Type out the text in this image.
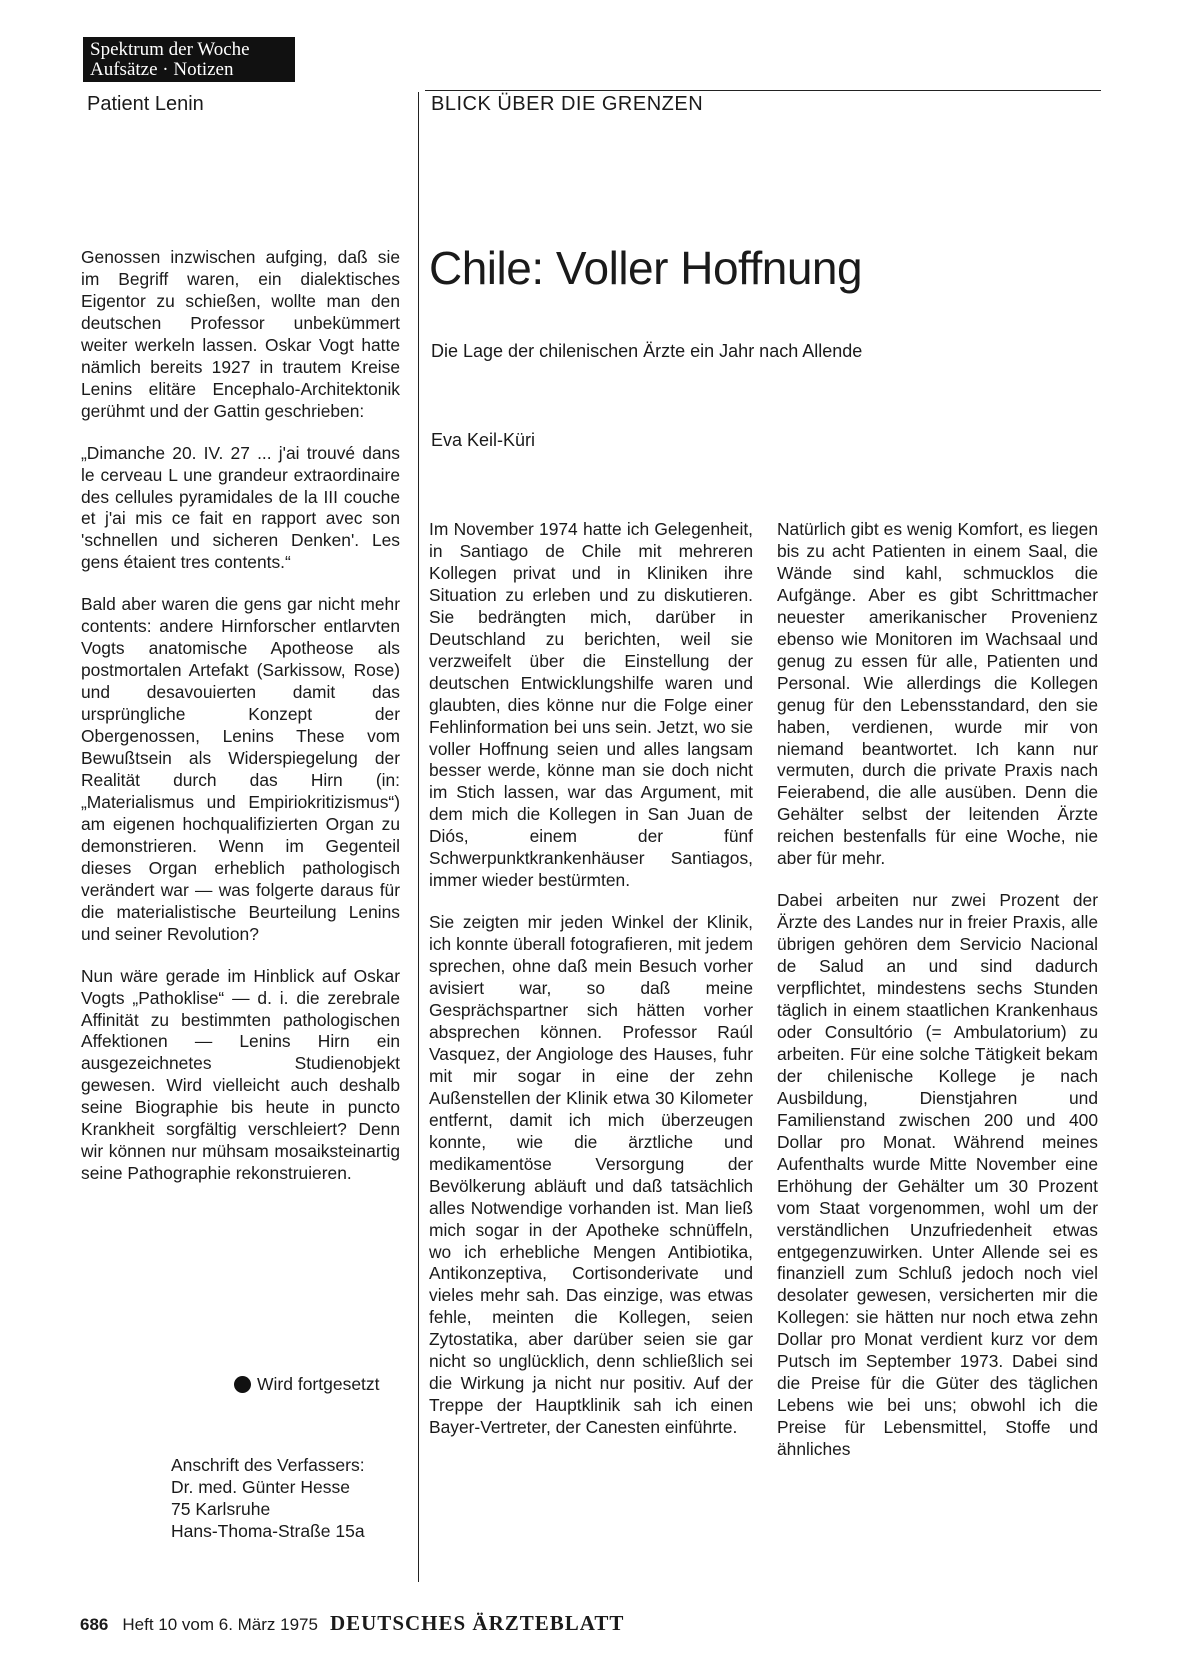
Spektrum der Woche
Aufsätze · Notizen
Patient Lenin	BLICK ÜBER DIE GRENZEN
Chile: Voller Hoffnung
Die Lage der chilenischen Ärzte ein Jahr nach Allende
Eva Keil-Küri

Genossen inzwischen aufging, daß sie im Begriff waren, ein dialektisches Eigentor zu schießen, wollte man den deutschen Professor unbekümmert weiter werkeln lassen. Oskar Vogt hatte nämlich bereits 1927 in trautem Kreise Lenins elitäre Encephalo-Architektonik gerühmt und der Gattin geschrieben:

„Dimanche 20. IV. 27 ... j'ai trouvé dans le cerveau L une grandeur extraordinaire des cellules pyramidales de la III couche et j'ai mis ce fait en rapport avec son 'schnellen und sicheren Denken'. Les gens étaient tres contents.“

Bald aber waren die gens gar nicht mehr contents: andere Hirnforscher entlarvten Vogts anatomische Apotheose als postmortalen Artefakt (Sarkissow, Rose) und desavouierten damit das ursprüngliche Konzept der Obergenossen, Lenins These vom Bewußtsein als Widerspiegelung der Realität durch das Hirn (in: „Materialismus und Empiriokritizismus“) am eigenen hochqualifizierten Organ zu demonstrieren. Wenn im Gegenteil dieses Organ erheblich pathologisch verändert war — was folgerte daraus für die materialistische Beurteilung Lenins und seiner Revolution?

Nun wäre gerade im Hinblick auf Oskar Vogts „Pathoklise“ — d. i. die zerebrale Affinität zu bestimmten pathologischen Affektionen — Lenins Hirn ein ausgezeichnetes Studienobjekt gewesen. Wird vielleicht auch deshalb seine Biographie bis heute in puncto Krankheit sorgfältig verschleiert? Denn wir können nur mühsam mosaiksteinartig seine Pathographie rekonstruieren.

Wird fortgesetzt
Anschrift des Verfassers:
Dr. med. Günter Hesse
75 Karlsruhe
Hans-Thoma-Straße 15a

Im November 1974 hatte ich Gelegenheit, in Santiago de Chile mit mehreren Kollegen privat und in Kliniken ihre Situation zu erleben und zu diskutieren. Sie bedrängten mich, darüber in Deutschland zu berichten, weil sie verzweifelt über die Einstellung der deutschen Entwicklungshilfe waren und glaubten, dies könne nur die Folge einer Fehlinformation bei uns sein. Jetzt, wo sie voller Hoffnung seien und alles langsam besser werde, könne man sie doch nicht im Stich lassen, war das Argument, mit dem mich die Kollegen in San Juan de Diós, einem der fünf Schwerpunktkrankenhäuser Santiagos, immer wieder bestürmten.

Sie zeigten mir jeden Winkel der Klinik, ich konnte überall fotografieren, mit jedem sprechen, ohne daß mein Besuch vorher avisiert war, so daß meine Gesprächspartner sich hätten vorher absprechen können. Professor Raúl Vasquez, der Angiologe des Hauses, fuhr mit mir sogar in eine der zehn Außenstellen der Klinik etwa 30 Kilometer entfernt, damit ich mich überzeugen konnte, wie die ärztliche und medikamentöse Versorgung der Bevölkerung abläuft und daß tatsächlich alles Notwendige vorhanden ist. Man ließ mich sogar in der Apotheke schnüffeln, wo ich erhebliche Mengen Antibiotika, Antikonzeptiva, Cortisonderivate und vieles mehr sah. Das einzige, was etwas fehle, meinten die Kollegen, seien Zytostatika, aber darüber seien sie gar nicht so unglücklich, denn schließlich sei die Wirkung ja nicht nur positiv. Auf der Treppe der Hauptklinik sah ich einen Bayer-Vertreter, der Canesten einführte.

Natürlich gibt es wenig Komfort, es liegen bis zu acht Patienten in einem Saal, die Wände sind kahl, schmucklos die Aufgänge. Aber es gibt Schrittmacher neuester amerikanischer Provenienz ebenso wie Monitoren im Wachsaal und genug zu essen für alle, Patienten und Personal. Wie allerdings die Kollegen genug für den Lebensstandard, den sie haben, verdienen, wurde mir von niemand beantwortet. Ich kann nur vermuten, durch die private Praxis nach Feierabend, die alle ausüben. Denn die Gehälter selbst der leitenden Ärzte reichen bestenfalls für eine Woche, nie aber für mehr.

Dabei arbeiten nur zwei Prozent der Ärzte des Landes nur in freier Praxis, alle übrigen gehören dem Servicio Nacional de Salud an und sind dadurch verpflichtet, mindestens sechs Stunden täglich in einem staatlichen Krankenhaus oder Consultório (= Ambulatorium) zu arbeiten. Für eine solche Tätigkeit bekam der chilenische Kollege je nach Ausbildung, Dienstjahren und Familienstand zwischen 200 und 400 Dollar pro Monat. Während meines Aufenthalts wurde Mitte November eine Erhöhung der Gehälter um 30 Prozent vom Staat vorgenommen, wohl um der verständlichen Unzufriedenheit etwas entgegenzuwirken. Unter Allende sei es finanziell zum Schluß jedoch noch viel desolater gewesen, versicherten mir die Kollegen: sie hätten nur noch etwa zehn Dollar pro Monat verdient kurz vor dem Putsch im September 1973. Dabei sind die Preise für die Güter des täglichen Lebens wie bei uns; obwohl ich die Preise für Lebensmittel, Stoffe und ähnliches

686 Heft 10 vom 6. März 1975 DEUTSCHES ÄRZTEBLATT
